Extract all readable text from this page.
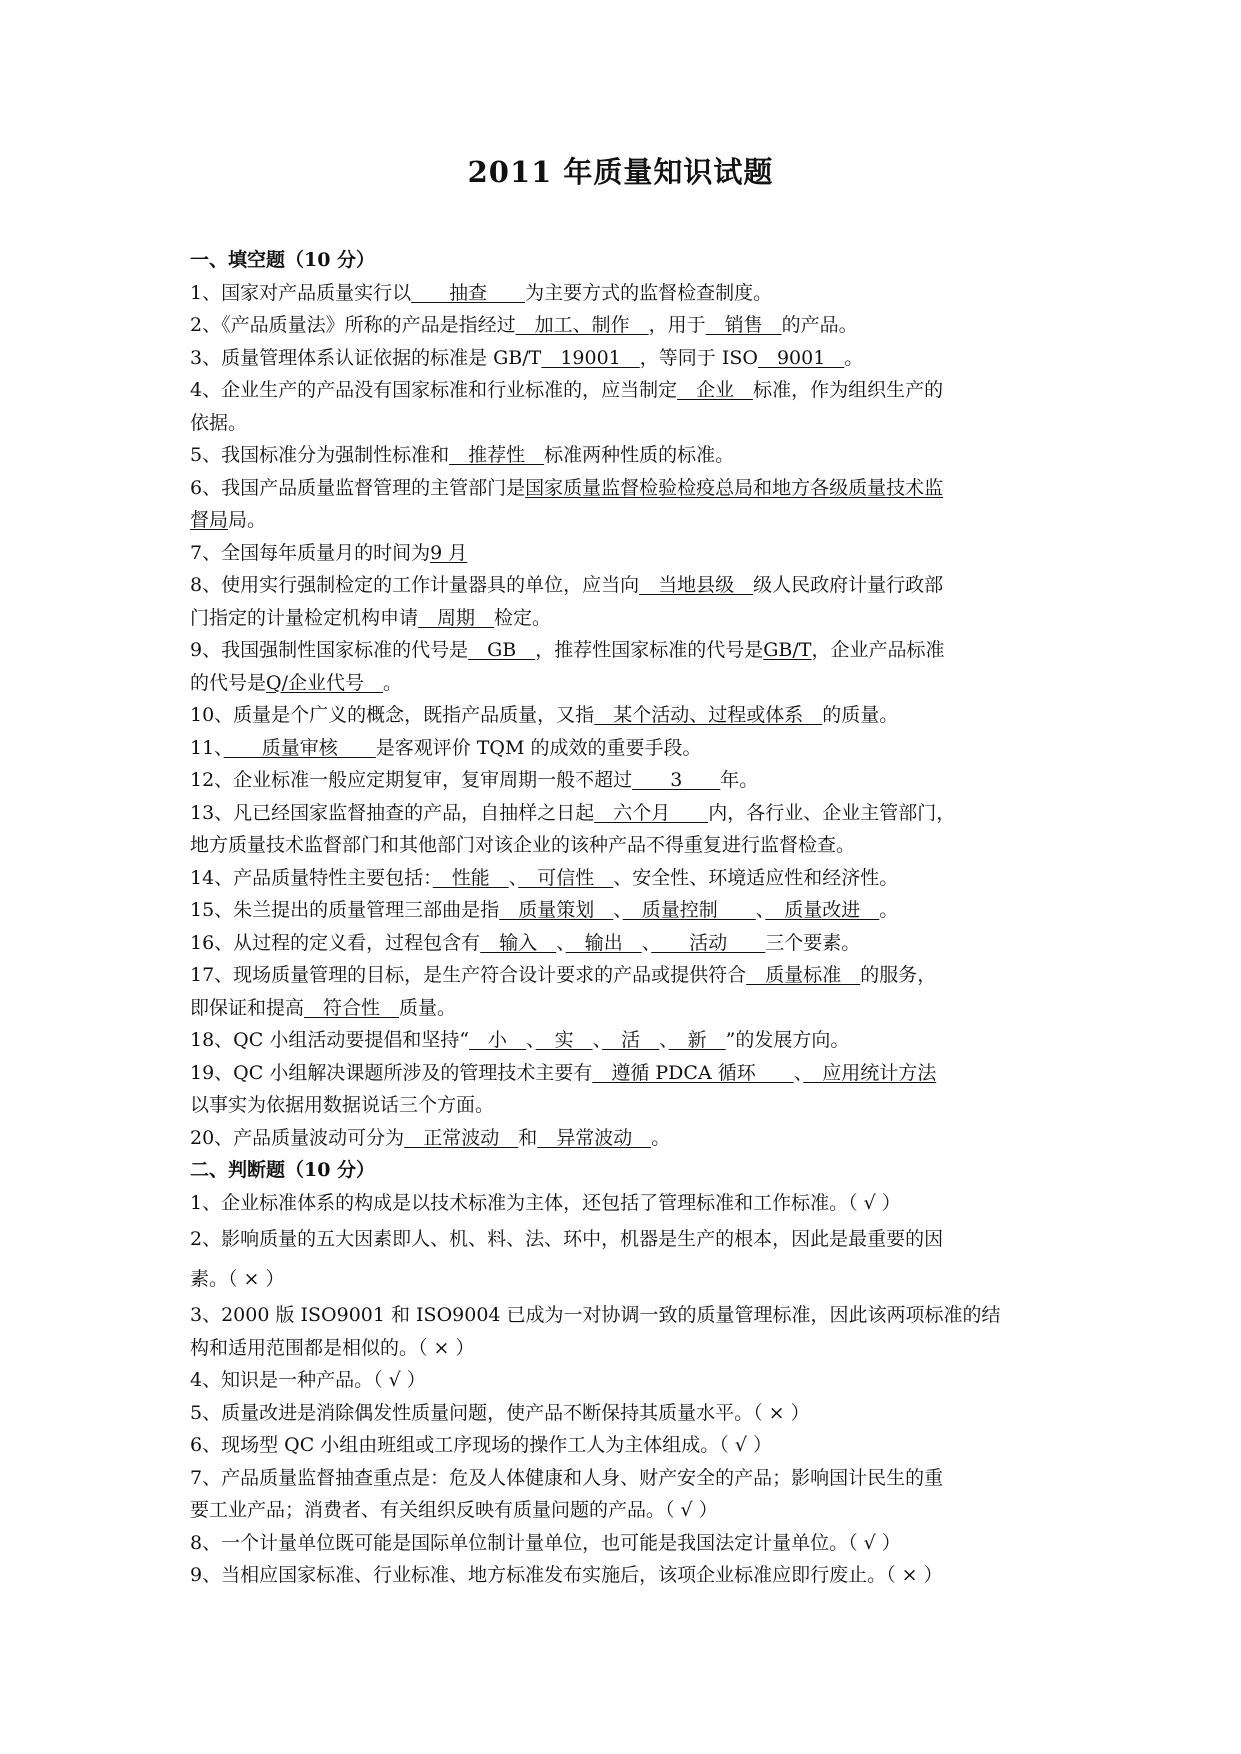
2011 年质量知识试题
一、填空题（10 分）
1、国家对产品质量实行以　　抽查　　为主要方式的监督检查制度。
2、《产品质量法》所称的产品是指经过　加工、制作　，用于　销售　的产品。
3、质量管理体系认证依据的标准是 GB/T　19001　，等同于 ISO　9001　。
4、企业生产的产品没有国家标准和行业标准的，应当制定　企业　标准，作为组织生产的
依据。
5、我国标准分为强制性标准和　推荐性　标准两种性质的标准。
6、我国产品质量监督管理的主管部门是国家质量监督检验检疫总局和地方各级质量技术监
督局局。
7、全国每年质量月的时间为9 月
8、使用实行强制检定的工作计量器具的单位，应当向　当地县级　级人民政府计量行政部
门指定的计量检定机构申请　周期　检定。
9、我国强制性国家标准的代号是　GB　，推荐性国家标准的代号是GB/T，企业产品标准
的代号是Q/企业代号　。
10、质量是个广义的概念，既指产品质量，又指　某个活动、过程或体系　的质量。
11、　　质量审核　　是客观评价 TQM 的成效的重要手段。
12、企业标准一般应定期复审，复审周期一般不超过　　3　　年。
13、凡已经国家监督抽查的产品，自抽样之日起　六个月　　内，各行业、企业主管部门，
地方质量技术监督部门和其他部门对该企业的该种产品不得重复进行监督检查。
14、产品质量特性主要包括：　性能　、　可信性　、安全性、环境适应性和经济性。
15、朱兰提出的质量管理三部曲是指　质量策划　、　质量控制　　、　质量改进　。
16、从过程的定义看，过程包含有　输入　、　输出　、　　活动　　三个要素。
17、现场质量管理的目标，是生产符合设计要求的产品或提供符合　质量标准　的服务，
即保证和提高　符合性　质量。
18、QC 小组活动要提倡和坚持“　小　、　实　、　活　、　新　”的发展方向。
19、QC 小组解决课题所涉及的管理技术主要有　遵循 PDCA 循环　　、　应用统计方法
以事实为依据用数据说话三个方面。
20、产品质量波动可分为　正常波动　和　异常波动　。
二、判断题（10 分）
1、企业标准体系的构成是以技术标准为主体，还包括了管理标准和工作标准。（ √ ）
2、影响质量的五大因素即人、机、料、法、环中，机器是生产的根本，因此是最重要的因
素。（ × ）
3、2000 版 ISO9001 和 ISO9004 已成为一对协调一致的质量管理标准，因此该两项标准的结
构和适用范围都是相似的。（ × ）
4、知识是一种产品。（ √ ）
5、质量改进是消除偶发性质量问题，使产品不断保持其质量水平。（ × ）
6、现场型 QC 小组由班组或工序现场的操作工人为主体组成。（ √ ）
7、产品质量监督抽查重点是：危及人体健康和人身、财产安全的产品；影响国计民生的重
要工业产品；消费者、有关组织反映有质量问题的产品。（ √ ）
8、一个计量单位既可能是国际单位制计量单位，也可能是我国法定计量单位。（ √ ）
9、当相应国家标准、行业标准、地方标准发布实施后，该项企业标准应即行废止。（ × ）
